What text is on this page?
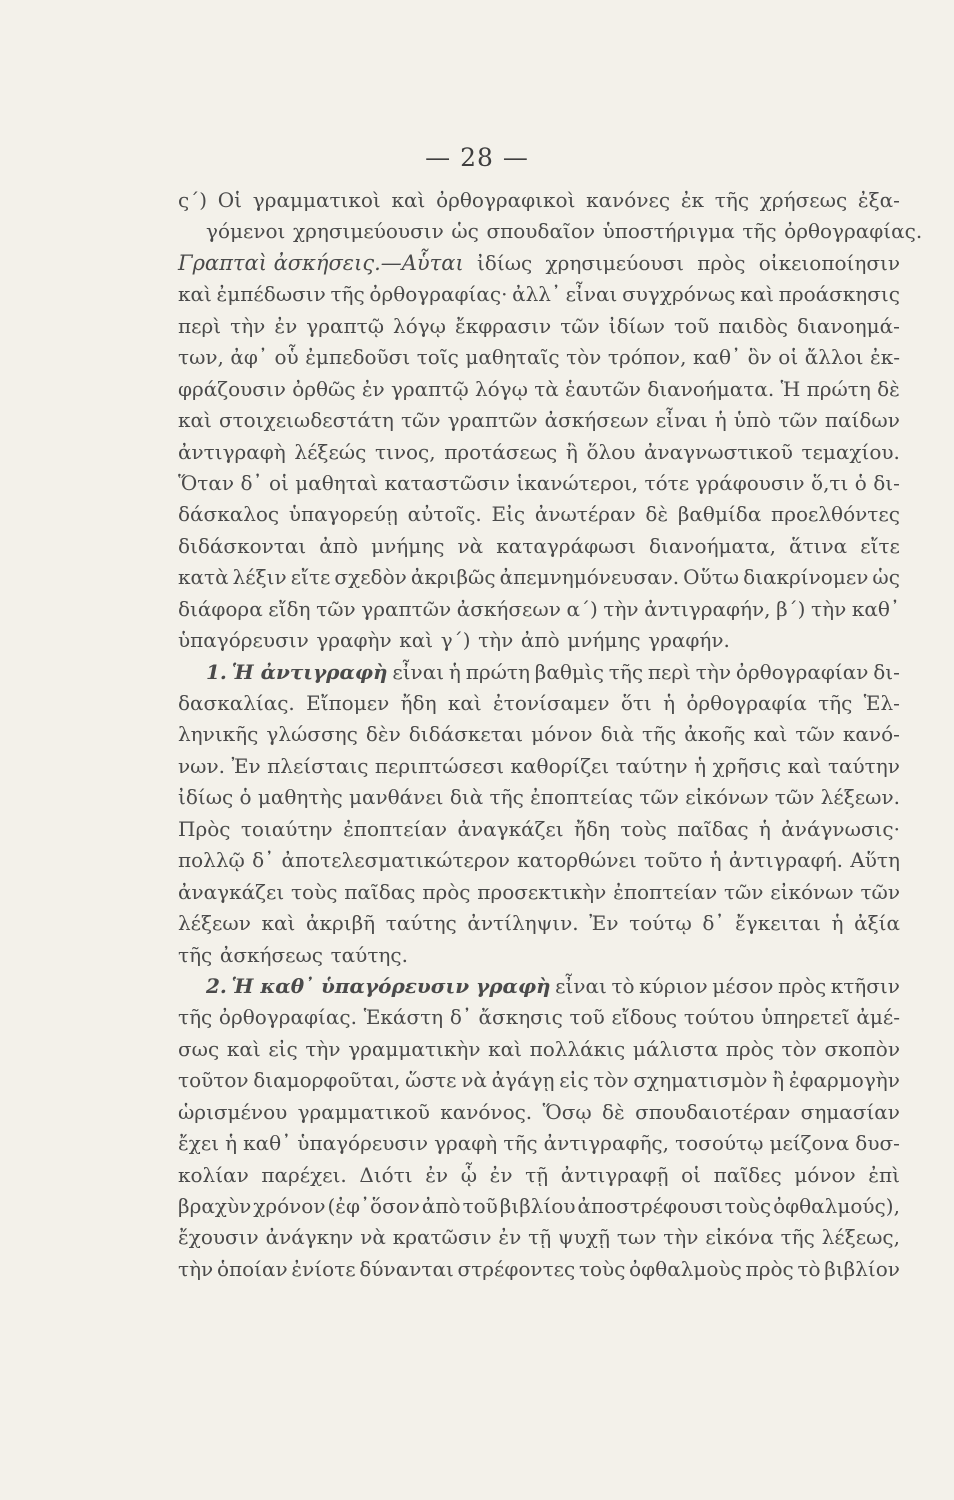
— 28 —
ς΄) Οἱ γραμματικοὶ καὶ ὀρθογραφικοὶ κανόνες ἐκ τῆς χρήσεως ἐξα-
γόμενοι χρησιμεύουσιν ὡς σπουδαῖον ὑποστήριγμα τῆς ὀρθογραφίας.
Γραπταὶ ἀσκήσεις.—Αὗται ἰδίως χρησιμεύουσι πρὸς οἰκειοποίησιν
καὶ ἐμπέδωσιν τῆς ὀρθογραφίας· ἀλλ᾽ εἶναι συγχρόνως καὶ προάσκησις
περὶ τὴν ἐν γραπτῷ λόγῳ ἔκφρασιν τῶν ἰδίων τοῦ παιδὸς διανοημά-
των, ἀφ᾽ οὗ ἐμπεδοῦσι τοῖς μαθηταῖς τὸν τρόπον, καθ᾽ ὃν οἱ ἄλλοι ἐκ-
φράζουσιν ὀρθῶς ἐν γραπτῷ λόγῳ τὰ ἑαυτῶν διανοήματα. Ἡ πρώτη δὲ
καὶ στοιχειωδεστάτη τῶν γραπτῶν ἀσκήσεων εἶναι ἡ ὑπὸ τῶν παίδων
ἀντιγραφὴ λέξεώς τινος, προτάσεως ἢ ὅλου ἀναγνωστικοῦ τεμαχίου.
Ὅταν δ᾽ οἱ μαθηταὶ καταστῶσιν ἱκανώτεροι, τότε γράφουσιν ὅ,τι ὁ δι-
δάσκαλος ὑπαγορεύῃ αὐτοῖς. Εἰς ἀνωτέραν δὲ βαθμίδα προελθόντες
διδάσκονται ἀπὸ μνήμης νὰ καταγράφωσι διανοήματα, ἅτινα εἴτε
κατὰ λέξιν εἴτε σχεδὸν ἀκριβῶς ἀπεμνημόνευσαν. Οὕτω διακρίνομεν ὡς
διάφορα εἴδη τῶν γραπτῶν ἀσκήσεων α΄) τὴν ἀντιγραφήν, β΄) τὴν καθ᾽
ὑπαγόρευσιν γραφὴν καὶ γ΄) τὴν ἀπὸ μνήμης γραφήν.
1. Ἡ ἀντιγραφὴ εἶναι ἡ πρώτη βαθμὶς τῆς περὶ τὴν ὀρθογραφίαν δι-
δασκαλίας. Εἴπομεν ἤδη καὶ ἐτονίσαμεν ὅτι ἡ ὀρθογραφία τῆς Ἑλ-
ληνικῆς γλώσσης δὲν διδάσκεται μόνον διὰ τῆς ἀκοῆς καὶ τῶν κανό-
νων. Ἐν πλείσταις περιπτώσεσι καθορίζει ταύτην ἡ χρῆσις καὶ ταύτην
ἰδίως ὁ μαθητὴς μανθάνει διὰ τῆς ἐποπτείας τῶν εἰκόνων τῶν λέξεων.
Πρὸς τοιαύτην ἐποπτείαν ἀναγκάζει ἤδη τοὺς παῖδας ἡ ἀνάγνωσις·
πολλῷ δ᾽ ἀποτελεσματικώτερον κατορθώνει τοῦτο ἡ ἀντιγραφή. Αὕτη
ἀναγκάζει τοὺς παῖδας πρὸς προσεκτικὴν ἐποπτείαν τῶν εἰκόνων τῶν
λέξεων καὶ ἀκριβῆ ταύτης ἀντίληψιν. Ἐν τούτῳ δ᾽ ἔγκειται ἡ ἀξία
τῆς ἀσκήσεως ταύτης.
2. Ἡ καθ᾽ ὑπαγόρευσιν γραφὴ εἶναι τὸ κύριον μέσον πρὸς κτῆσιν
τῆς ὀρθογραφίας. Ἑκάστη δ᾽ ἄσκησις τοῦ εἴδους τούτου ὑπηρετεῖ ἀμέ-
σως καὶ εἰς τὴν γραμματικὴν καὶ πολλάκις μάλιστα πρὸς τὸν σκοπὸν
τοῦτον διαμορφοῦται, ὥστε νὰ ἀγάγῃ εἰς τὸν σχηματισμὸν ἢ ἐφαρμογὴν
ὡρισμένου γραμματικοῦ κανόνος. Ὅσῳ δὲ σπουδαιοτέραν σημασίαν
ἔχει ἡ καθ᾽ ὑπαγόρευσιν γραφὴ τῆς ἀντιγραφῆς, τοσούτῳ μείζονα δυσ-
κολίαν παρέχει. Διότι ἐν ᾧ ἐν τῇ ἀντιγραφῇ οἱ παῖδες μόνον ἐπὶ
βραχὺν χρόνον (ἐφ᾽ὅσον ἀπὸ τοῦ βιβλίου ἀποστρέφουσι τοὺς ὀφθαλμούς),
ἔχουσιν ἀνάγκην νὰ κρατῶσιν ἐν τῇ ψυχῇ των τὴν εἰκόνα τῆς λέξεως,
τὴν ὁποίαν ἐνίοτε δύνανται στρέφοντες τοὺς ὀφθαλμοὺς πρὸς τὸ βιβλίον
